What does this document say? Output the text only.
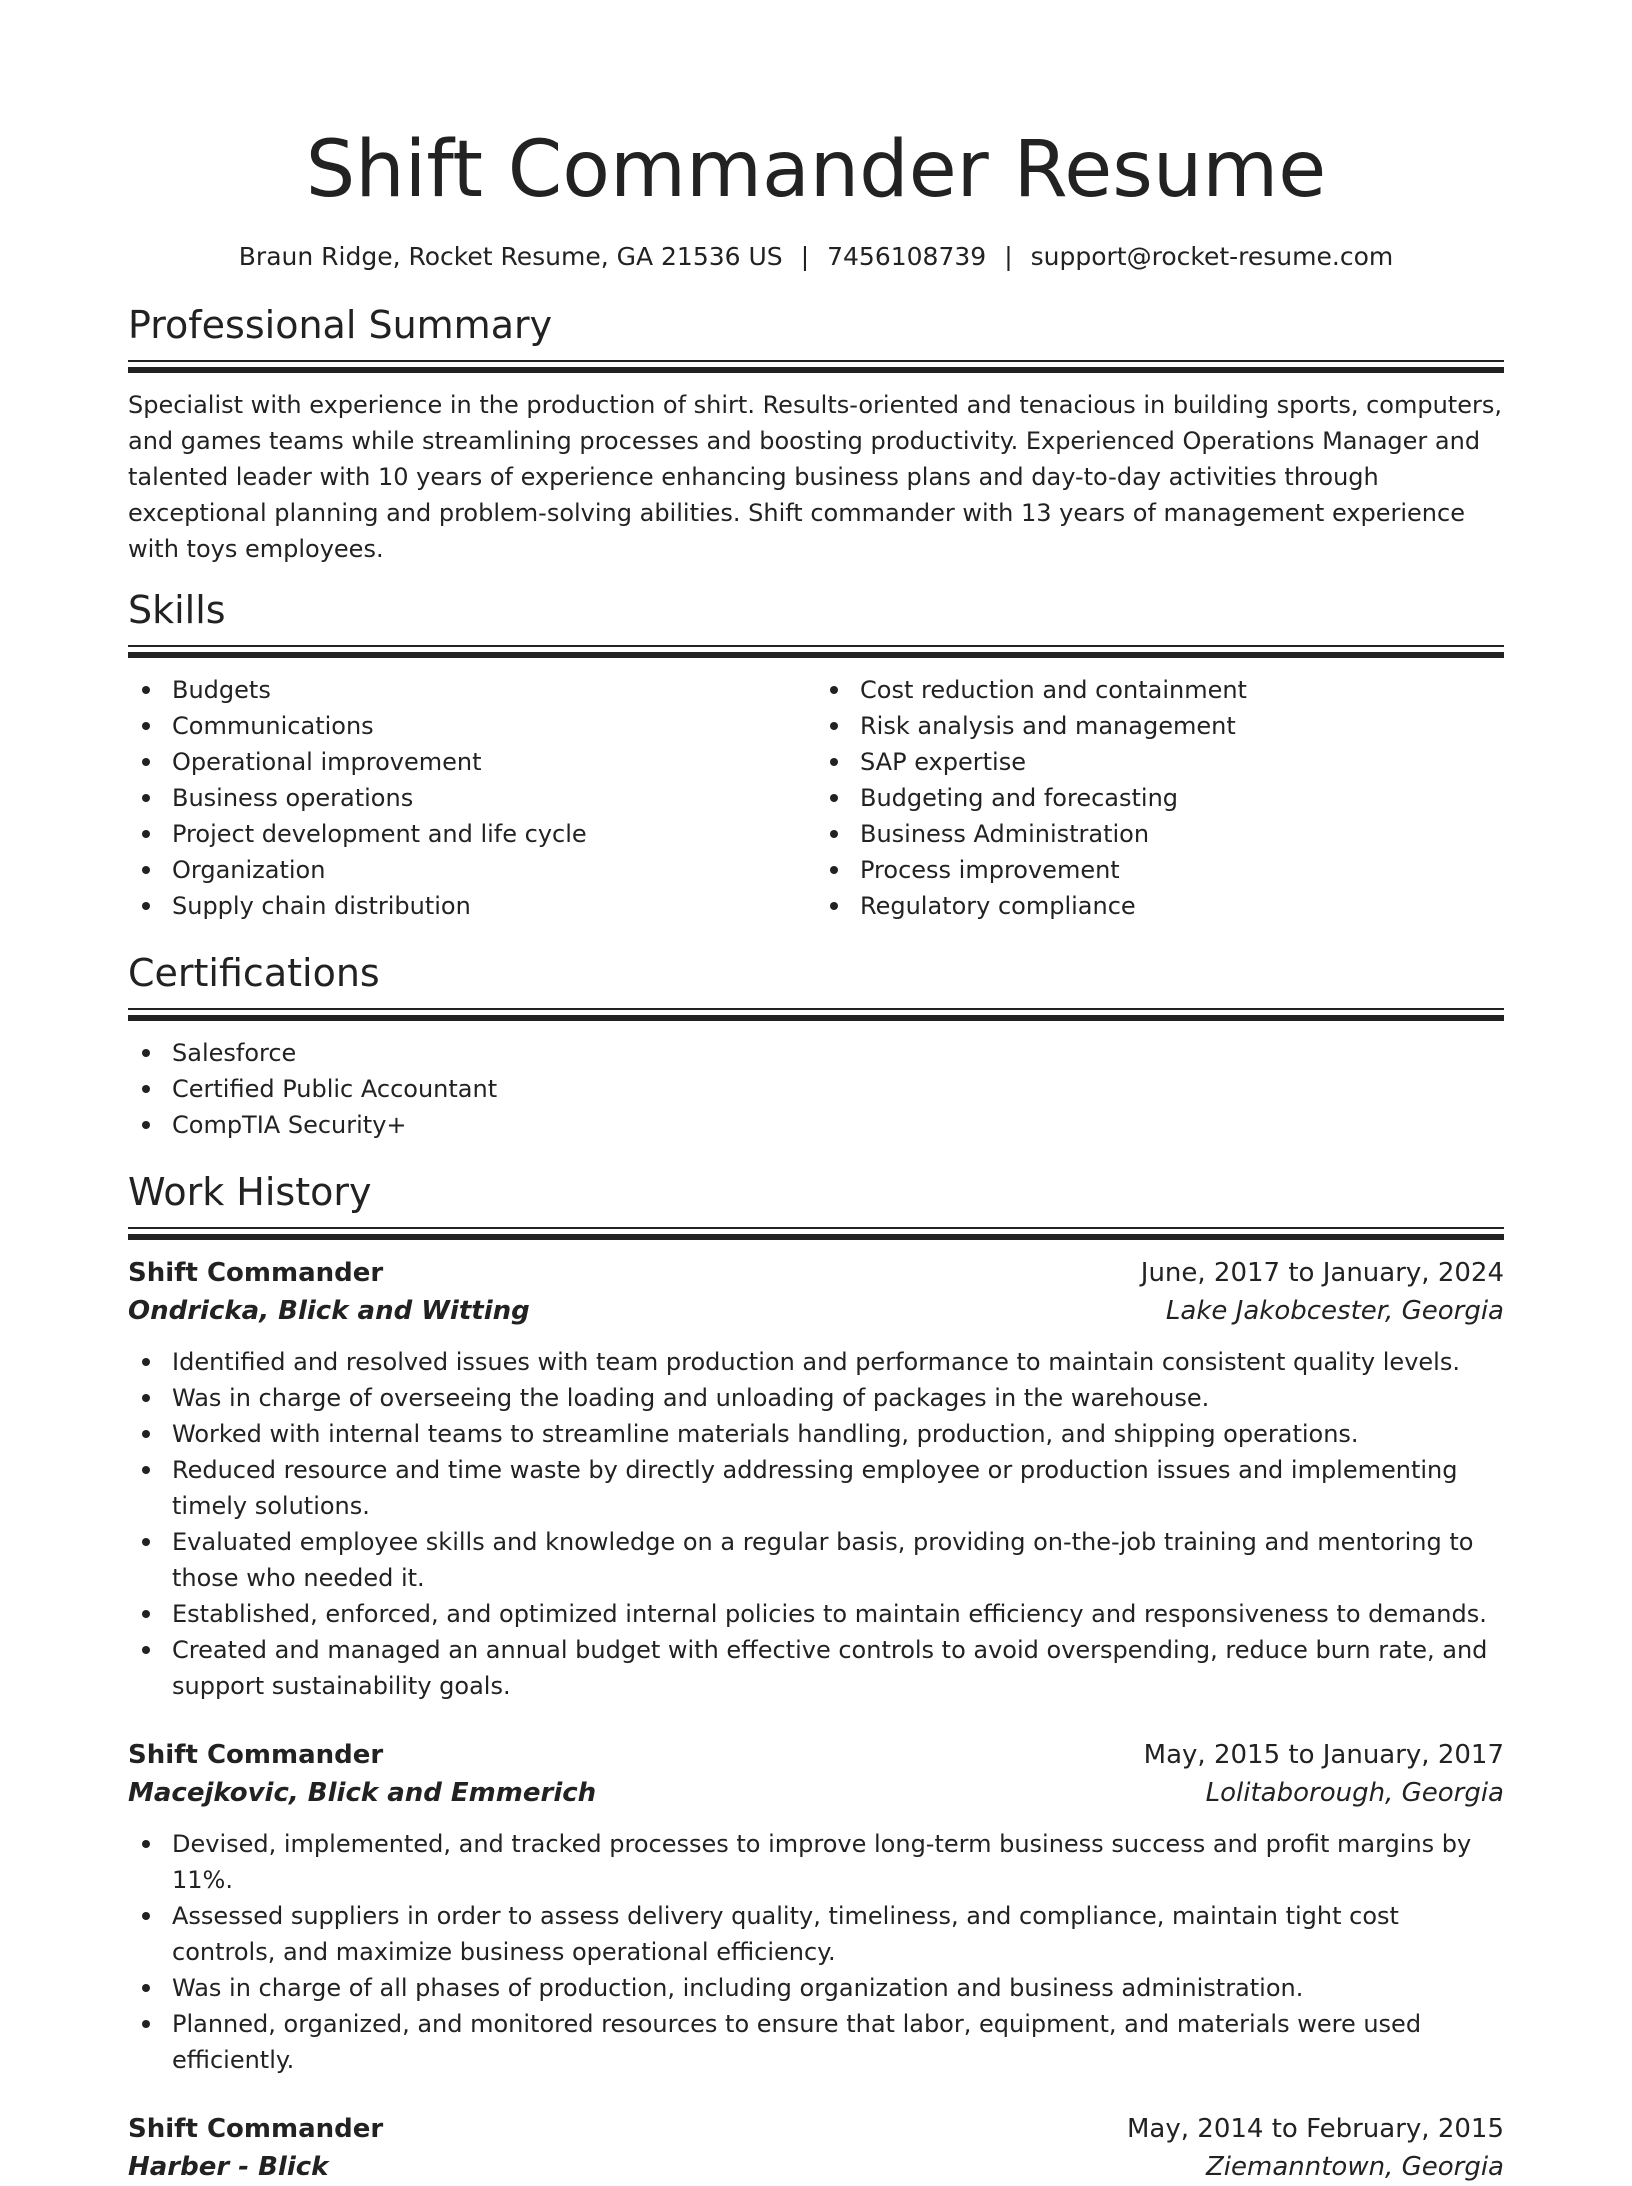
Shift Commander Resume
Braun Ridge, Rocket Resume, GA 21536 US | 7456108739 | support@rocket-resume.com
Professional Summary

Specialist with experience in the production of shirt. Results-oriented and tenacious in building sports, computers, and games teams while streamlining processes and boosting productivity. Experienced Operations Manager and talented leader with 10 years of experience enhancing business plans and day-to-day activities through exceptional planning and problem-solving abilities. Shift commander with 13 years of management experience with toys employees.

Skills
Budgets
Communications
Operational improvement
Business operations
Project development and life cycle
Organization
Supply chain distribution
Cost reduction and containment
Risk analysis and management
SAP expertise
Budgeting and forecasting
Business Administration
Process improvement
Regulatory compliance
Certifications
Salesforce
Certified Public Accountant
CompTIA Security+
Work History
Shift Commander	June, 2017 to January, 2024
Ondricka, Blick and Witting	Lake Jakobcester, Georgia
Identified and resolved issues with team production and performance to maintain consistent quality levels.
Was in charge of overseeing the loading and unloading of packages in the warehouse.
Worked with internal teams to streamline materials handling, production, and shipping operations.
Reduced resource and time waste by directly addressing employee or production issues and implementing timely solutions.
Evaluated employee skills and knowledge on a regular basis, providing on-the-job training and mentoring to those who needed it.
Established, enforced, and optimized internal policies to maintain efficiency and responsiveness to demands.
Created and managed an annual budget with effective controls to avoid overspending, reduce burn rate, and support sustainability goals.
Shift Commander	May, 2015 to January, 2017
Macejkovic, Blick and Emmerich	Lolitaborough, Georgia
Devised, implemented, and tracked processes to improve long-term business success and profit margins by 11%.
Assessed suppliers in order to assess delivery quality, timeliness, and compliance, maintain tight cost controls, and maximize business operational efficiency.
Was in charge of all phases of production, including organization and business administration.
Planned, organized, and monitored resources to ensure that labor, equipment, and materials were used efficiently.
Shift Commander	May, 2014 to February, 2015
Harber - Blick	Ziemanntown, Georgia
